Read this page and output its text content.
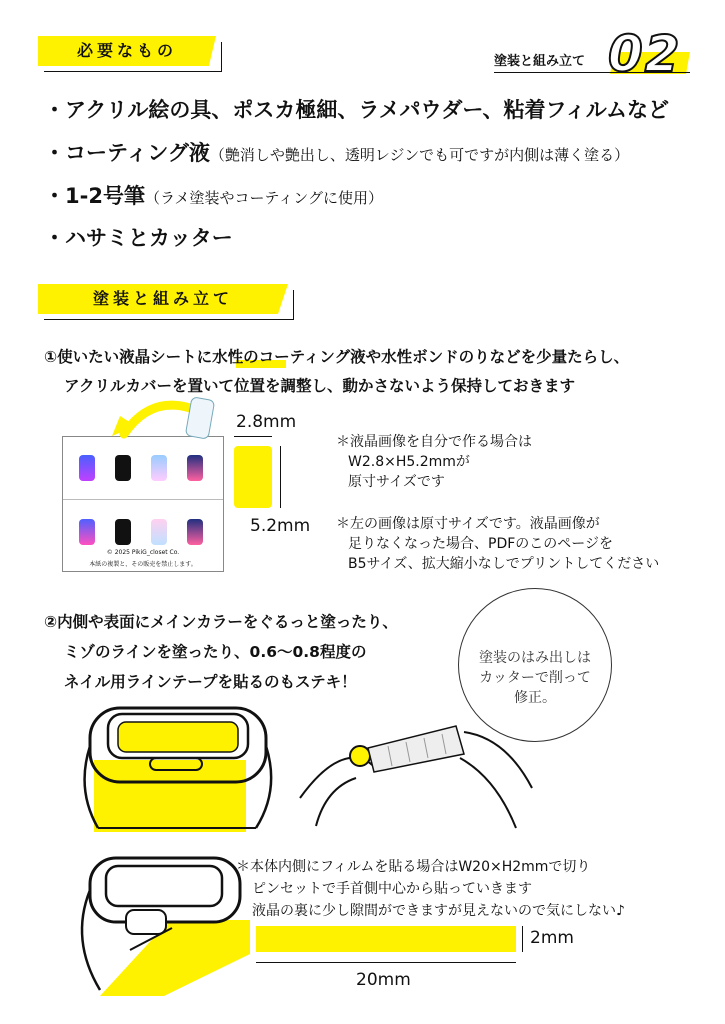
必要なもの
塗装と組み立て 02
・アクリル絵の具、ポスカ極細、ラメパウダー、粘着フィルムなど
・コーティング液（艶消しや艶出し、透明レジンでも可ですが内側は薄く塗る）
・1-2号筆（ラメ塗装やコーティングに使用）
・ハサミとカッター
塗装と組み立て
①使いたい液晶シートに水性のコーティング液や水性ボンドのりなどを少量たらし、
アクリルカバーを置いて位置を調整し、動かさないよう保持しておきます
© 2025 PikiG_closet Co.
本紙の複製と、その販売を禁止します。
2.8mm
5.2mm
＊液晶画像を自分で作る場合は
W2.8×H5.2mmが
原寸サイズです
＊左の画像は原寸サイズです。液晶画像が
足りなくなった場合、PDFのこのページを
B5サイズ、拡大縮小なしでプリントしてください
②内側や表面にメインカラーをぐるっと塗ったり、
ミゾのラインを塗ったり、0.6〜0.8程度の
ネイル用ラインテープを貼るのもステキ！
塗装のはみ出しは
カッターで削って
修正。
＊本体内側にフィルムを貼る場合はW20×H2mmで切り
ピンセットで手首側中心から貼っていきます
液晶の裏に少し隙間ができますが見えないので気にしない♪
2mm
20mm
